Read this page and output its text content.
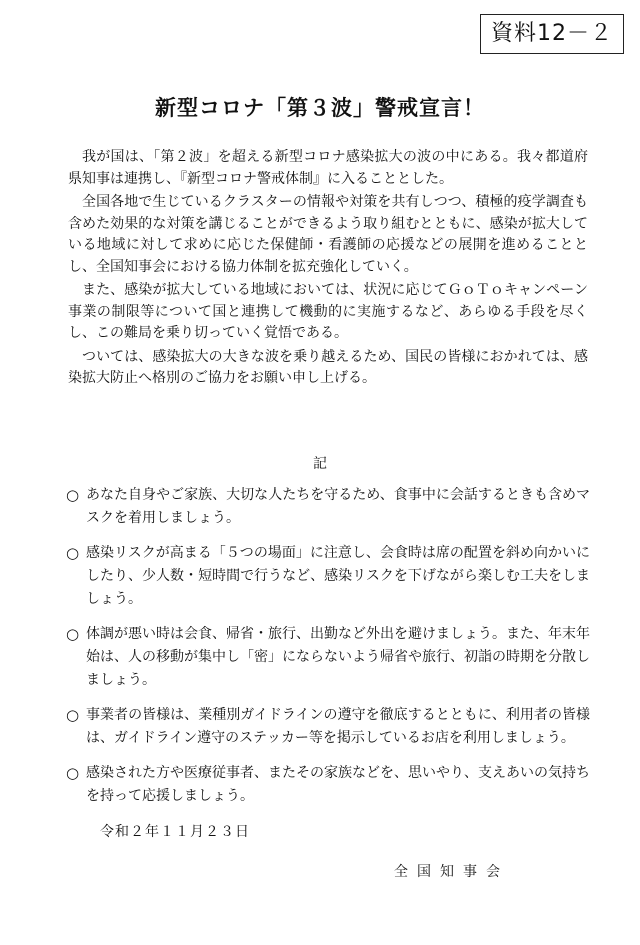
資料12－２
新型コロナ「第３波」警戒宣言！

我が国は、「第２波」を超える新型コロナ感染拡大の波の中にある。我々都道府県知事は連携し、『新型コロナ警戒体制』に入ることとした。

全国各地で生じているクラスターの情報や対策を共有しつつ、積極的疫学調査も含めた効果的な対策を講じることができるよう取り組むとともに、感染が拡大している地域に対して求めに応じた保健師・看護師の応援などの展開を進めることとし、全国知事会における協力体制を拡充強化していく。

また、感染が拡大している地域においては、状況に応じてＧｏＴｏキャンペーン事業の制限等について国と連携して機動的に実施するなど、あらゆる手段を尽くし、この難局を乗り切っていく覚悟である。

ついては、感染拡大の大きな波を乗り越えるため、国民の皆様におかれては、感染拡大防止へ格別のご協力をお願い申し上げる。

記
○ あなた自身やご家族、大切な人たちを守るため、食事中に会話するときも含めマスクを着用しましょう。
○ 感染リスクが高まる「５つの場面」に注意し、会食時は席の配置を斜め向かいにしたり、少人数・短時間で行うなど、感染リスクを下げながら楽しむ工夫をしましょう。
○ 体調が悪い時は会食、帰省・旅行、出勤など外出を避けましょう。また、年末年始は、人の移動が集中し「密」にならないよう帰省や旅行、初詣の時期を分散しましょう。
○ 事業者の皆様は、業種別ガイドラインの遵守を徹底するとともに、利用者の皆様は、ガイドライン遵守のステッカー等を掲示しているお店を利用しましょう。
○ 感染された方や医療従事者、またその家族などを、思いやり、支えあいの気持ちを持って応援しましょう。
令和２年１１月２３日
全国知事会
